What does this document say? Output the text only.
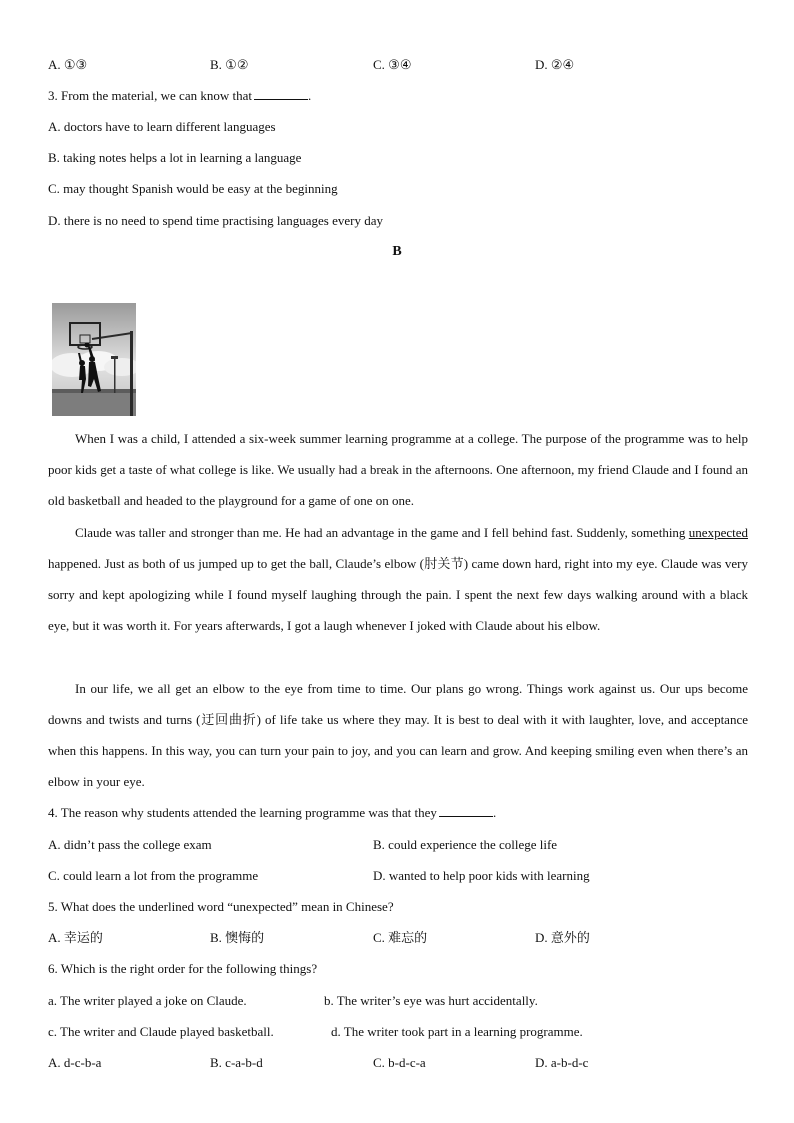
A. ①③	B. ①②	C. ③④	D. ②④
3. From the material, we can know that	.
A. doctors have to learn different languages
B. taking notes helps a lot in learning a language
C. may thought Spanish would be easy at the beginning
D. there is no need to spend time practising languages every day
B
When I was a child, I attended a six-week summer learning programme at a college. The purpose of the programme was to help poor kids get a taste of what college is like. We usually had a break in the afternoons. One afternoon, my friend Claude and I found an old basketball and headed to the playground for a game of one on one.
Claude was taller and stronger than me. He had an advantage in the game and I fell behind fast. Suddenly, something unexpected happened. Just as both of us jumped up to get the ball, Claude’s elbow (肘关节) came down hard, right into my eye. Claude was very sorry and kept apologizing while I found myself laughing through the pain. I spent the next few days walking around with a black eye, but it was worth it. For years afterwards, I got a laugh whenever I joked with Claude about his elbow.
In our life, we all get an elbow to the eye from time to time. Our plans go wrong. Things work against us. Our ups become downs and twists and turns (迂回曲折) of life take us where they may. It is best to deal with it with laughter, love, and acceptance when this happens. In this way, you can turn your pain to joy, and you can learn and grow. And keeping smiling even when there’s an elbow in your eye.
4. The reason why students attended the learning programme was that they	.
A. didn’t pass the college exam	B. could experience the college life
C. could learn a lot from the programme	D. wanted to help poor kids with learning
5. What does the underlined word “unexpected” mean in Chinese?
A. 幸运的	B. 懊悔的	C. 难忘的	D. 意外的
6. Which is the right order for the following things?
a. The writer played a joke on Claude.	b. The writer’s eye was hurt accidentally.
c. The writer and Claude played basketball.	d. The writer took part in a learning programme.
A. d-c-b-a	B. c-a-b-d	C. b-d-c-a	D. a-b-d-c
